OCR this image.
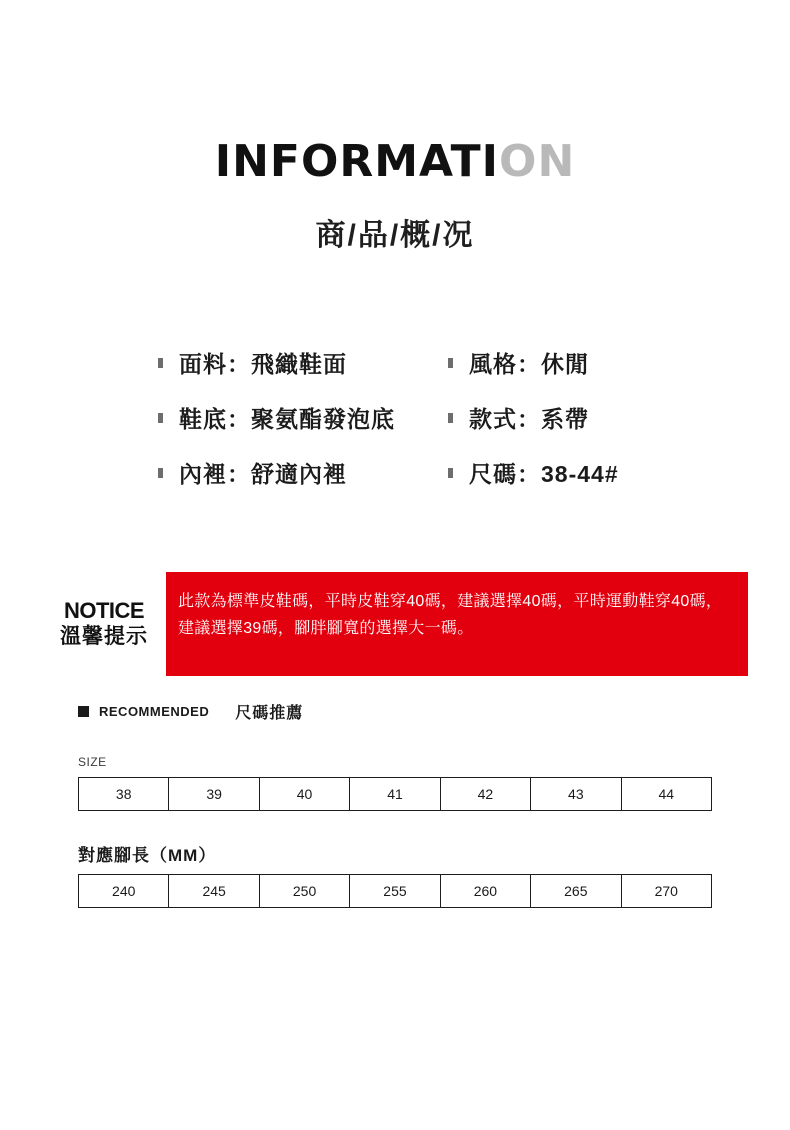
INFORMATION
商/品/概/况
面料：飛織鞋面
鞋底：聚氨酯發泡底
內裡：舒適內裡
風格：休閒
款式：系帶
尺碼：38-44#
NOTICE
溫馨提示
此款為標準皮鞋碼，平時皮鞋穿40碼，建議選擇40碼，平時運動鞋穿40碼，建議選擇39碼，腳胖腳寬的選擇大一碼。
RECOMMENDED 尺碼推薦
SIZE
38	39	40	41	42	43	44
對應腳長（MM）
240	245	250	255	260	265	270
